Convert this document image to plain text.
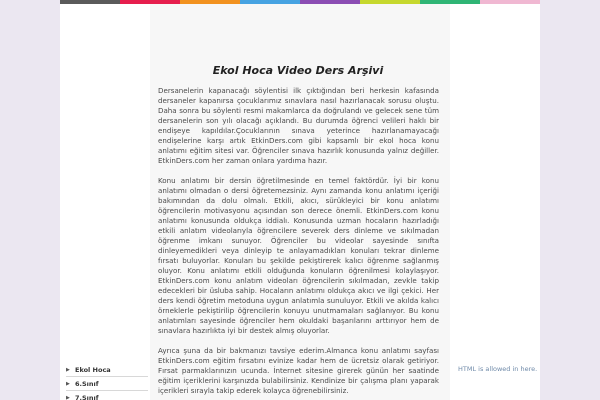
Ekol Hoca Video Ders Arşivi

Dersanelerin kapanacağı söylentisi ilk çıktığından beri herkesin kafasında dersaneler kapanırsa çocuklarımız sınavlara nasıl hazırlanacak sorusu oluştu. Daha sonra bu söylenti resmi makamlarca da doğrulandı ve gelecek sene tüm dersanelerin son yılı olacağı açıklandı. Bu durumda öğrenci velileri haklı bir endişeye kapıldılar.Çocuklarının sınava yeterince hazırlanamayacağı endişelerine karşı artık EtkinDers.com gibi kapsamlı bir ekol hoca konu anlatımı eğitim sitesi var. Öğrenciler sınava hazırlık konusunda yalnız değiller. EtkinDers.com her zaman onlara yardıma hazır.

Konu anlatımı bir dersin öğretilmesinde en temel faktördür. İyi bir konu anlatımı olmadan o dersi öğretemezsiniz. Aynı zamanda konu anlatımı içeriği bakımından da dolu olmalı. Etkili, akıcı, sürükleyici bir konu anlatımı öğrencilerin motivasyonu açısından son derece önemli. EtkinDers.com konu anlatımı konusunda oldukça iddialı. Konusunda uzman hocaların hazırladığı etkili anlatım videolarıyla öğrencilere severek ders dinleme ve sıkılmadan öğrenme imkanı sunuyor. Öğrenciler bu videolar sayesinde sınıfta dinleyemedikleri veya dinleyip te anlayamadıkları konuları tekrar dinleme fırsatı buluyorlar. Konuları bu şekilde pekiştirerek kalıcı öğrenme sağlanmış oluyor. Konu anlatımı etkili olduğunda konuların öğrenilmesi kolaylaşıyor. EtkinDers.com konu anlatım videoları öğrencilerin sıkılmadan, zevkle takip edecekleri bir üsluba sahip. Hocaların anlatımı oldukça akıcı ve ilgi çekici. Her ders kendi öğretim metoduna uygun anlatımla sunuluyor. Etkili ve akılda kalıcı örneklerle pekiştirilip öğrencilerin konuyu unutmamaları sağlanıyor. Bu konu anlatımları sayesinde öğrenciler hem okuldaki başarılarını arttırıyor hem de sınavlara hazırlıkta iyi bir destek almış oluyorlar.

Ayrıca şuna da bir bakmanızı tavsiye ederim.Almanca konu anlatımı sayfası EtkinDers.com eğitim fırsatını evinize kadar hem de ücretsiz olarak getiriyor. Fırsat parmaklarınızın ucunda. İnternet sitesine girerek günün her saatinde eğitim içeriklerini karşınızda bulabilirsiniz. Kendinize bir çalışma planı yaparak içerikleri sırayla takip ederek kolayca öğrenebilirsiniz.

▶ Ekol Hoca
▶ 6.Sınıf
▶ 7.Sınıf
HTML is allowed in here.
